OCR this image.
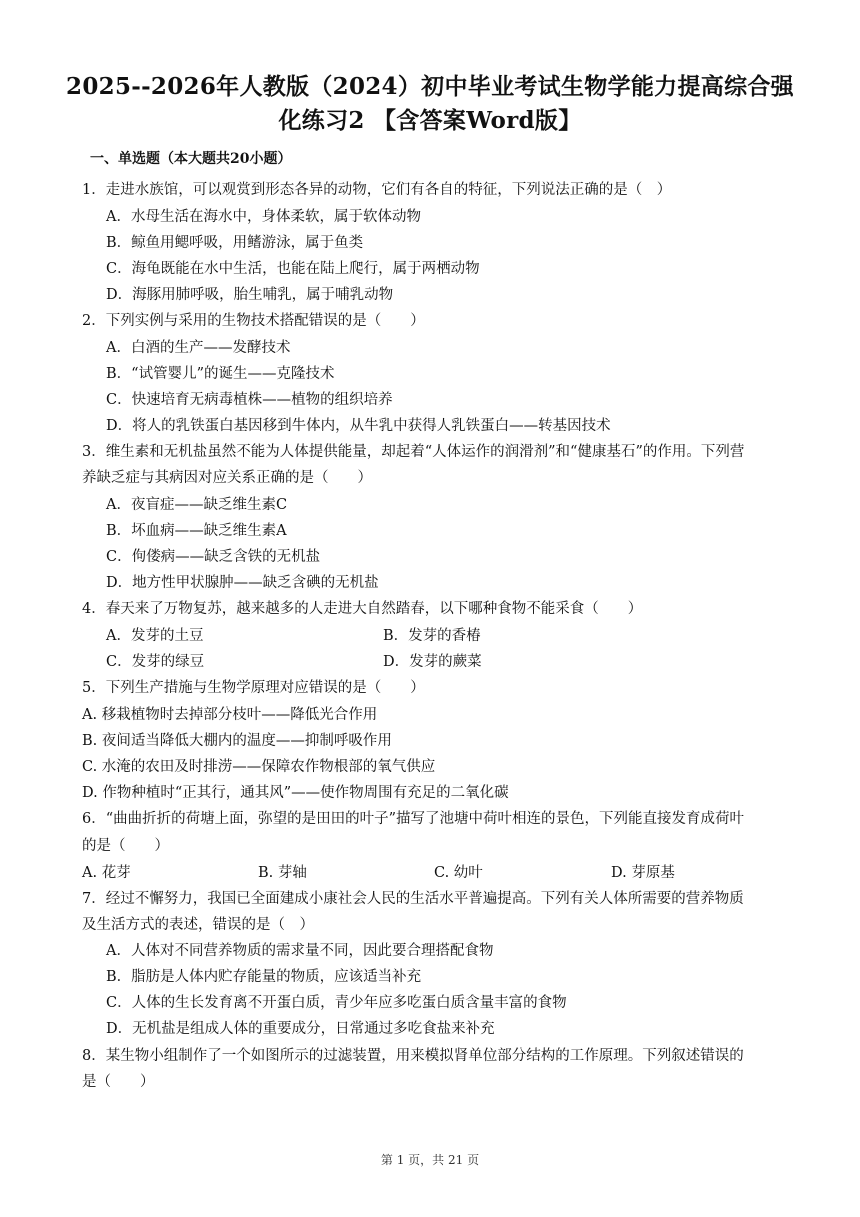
2025--2026年人教版（2024）初中毕业考试生物学能力提高综合强
化练习2 【含答案Word版】
一、单选题（本大题共20小题）
1．走进水族馆，可以观赏到形态各异的动物，它们有各自的特征，下列说法正确的是（　）
A．水母生活在海水中，身体柔软，属于软体动物
B．鲸鱼用鳃呼吸，用鳍游泳，属于鱼类
C．海龟既能在水中生活，也能在陆上爬行，属于两栖动物
D．海豚用肺呼吸，胎生哺乳，属于哺乳动物
2．下列实例与采用的生物技术搭配错误的是（　　）
A．白酒的生产——发酵技术
B．“试管婴儿”的诞生——克隆技术
C．快速培育无病毒植株——植物的组织培养
D．将人的乳铁蛋白基因移到牛体内，从牛乳中获得人乳铁蛋白——转基因技术
3．维生素和无机盐虽然不能为人体提供能量，却起着“人体运作的润滑剂”和“健康基石”的作用。下列营
养缺乏症与其病因对应关系正确的是（　　）
A．夜盲症——缺乏维生素C
B．坏血病——缺乏维生素A
C．佝偻病——缺乏含铁的无机盐
D．地方性甲状腺肿——缺乏含碘的无机盐
4．春天来了万物复苏，越来越多的人走进大自然踏春，以下哪种食物不能采食（　　）
A．发芽的土豆	B．发芽的香椿
C．发芽的绿豆	D．发芽的蕨菜
5．下列生产措施与生物学原理对应错误的是（　　）
A. 移栽植物时去掉部分枝叶——降低光合作用
B. 夜间适当降低大棚内的温度——抑制呼吸作用
C. 水淹的农田及时排涝——保障农作物根部的氧气供应
D. 作物种植时“正其行，通其风”——使作物周围有充足的二氧化碳
6．“曲曲折折的荷塘上面，弥望的是田田的叶子”描写了池塘中荷叶相连的景色，下列能直接发育成荷叶
的是（　　）
A. 花芽	B. 芽轴	C. 幼叶	D. 芽原基
7．经过不懈努力，我国已全面建成小康社会人民的生活水平普遍提高。下列有关人体所需要的营养物质
及生活方式的表述，错误的是（　）
A．人体对不同营养物质的需求量不同，因此要合理搭配食物
B．脂肪是人体内贮存能量的物质，应该适当补充
C．人体的生长发育离不开蛋白质，青少年应多吃蛋白质含量丰富的食物
D．无机盐是组成人体的重要成分，日常通过多吃食盐来补充
8．某生物小组制作了一个如图所示的过滤装置，用来模拟肾单位部分结构的工作原理。下列叙述错误的
是（　　）
第 1 页，共 21 页
